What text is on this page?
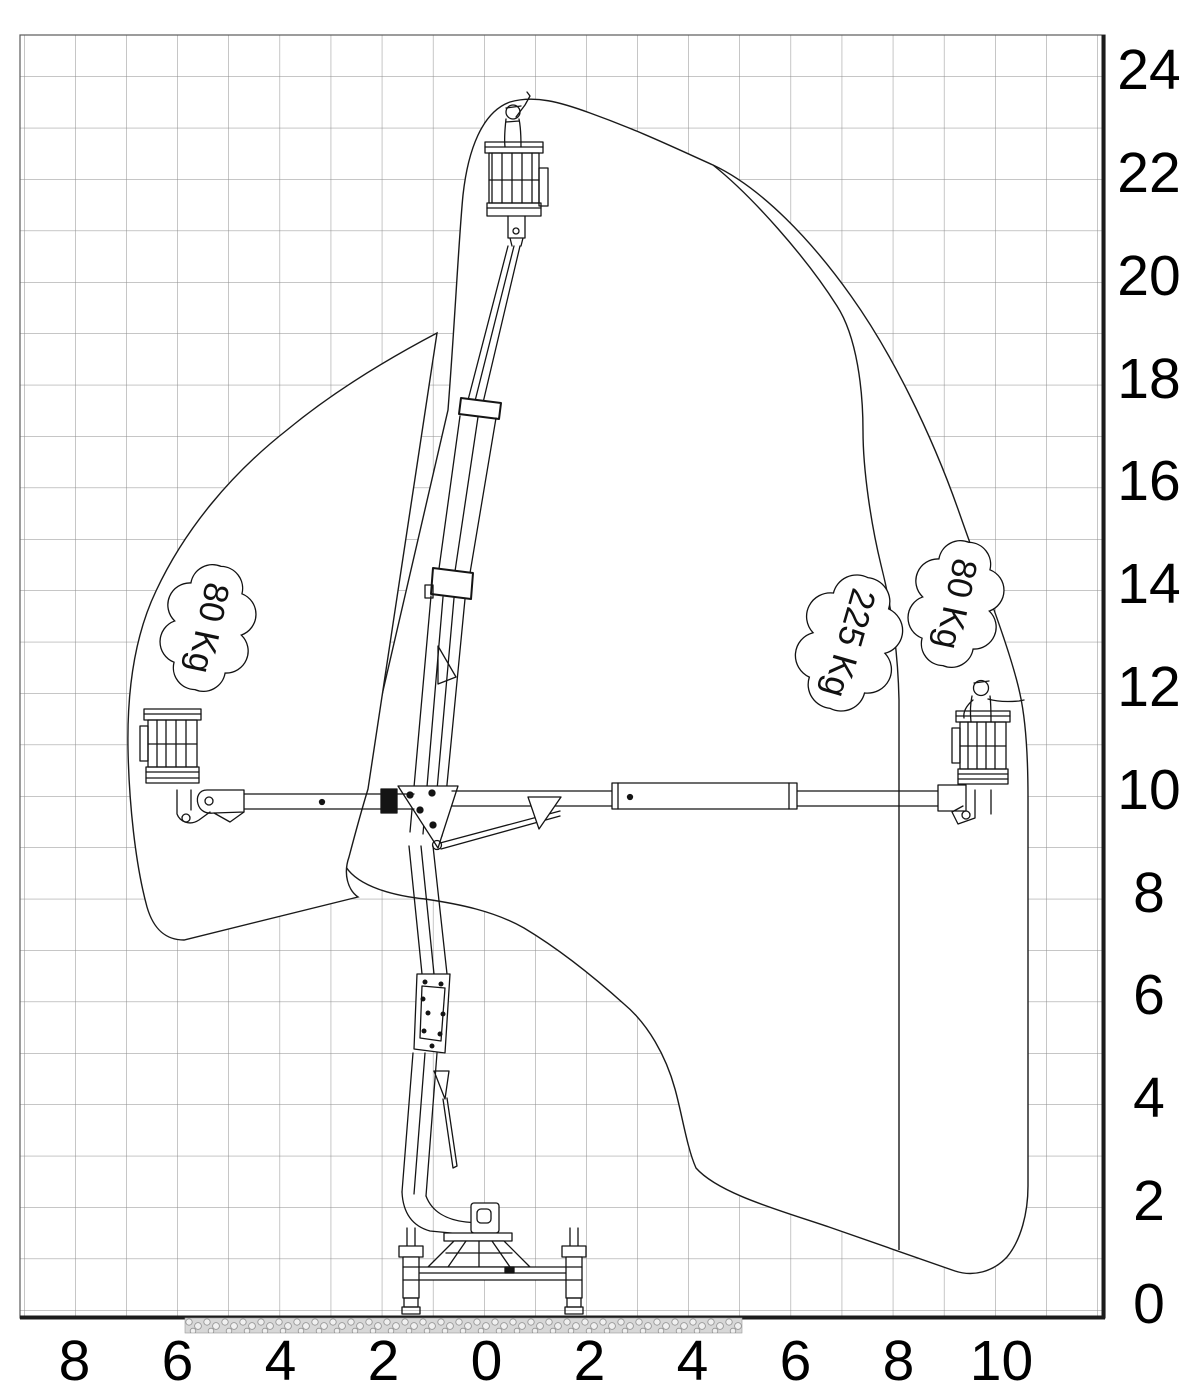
80 Kg	225 Kg 80 Kg
24
22
20
18
16
14
12
10
8
6
4
2
0
8	6	4	2	0	2	4	6	8 10
